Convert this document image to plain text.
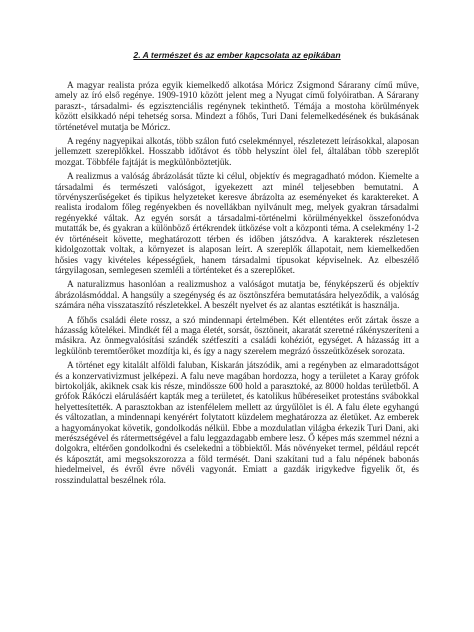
2. A természet és az ember kapcsolata az epikában

A magyar realista próza egyik kiemelkedő alkotása Móricz Zsigmond Sárarany című műve, amely az író első regénye. 1909-1910 között jelent meg a Nyugat című folyóiratban. A Sárarany paraszt-, társadalmi- és egzisztenciális regénynek tekinthető. Témája a mostoha körülmények között elsikkadó népi tehetség sorsa. Mindezt a főhős, Turi Dani felemelkedésének és bukásának történetével mutatja be Móricz.

A regény nagyepikai alkotás, több szálon futó cselekménnyel, részletezett leírásokkal, alaposan jellemzett szereplőkkel. Hosszabb időtávot és több helyszínt ölel fel, általában több szereplőt mozgat. Többféle fajtáját is megkülönböztetjük.

A realizmus a valóság ábrázolását tűzte ki célul, objektív és megragadható módon. Kiemelte a társadalmi és természeti valóságot, igyekezett azt minél teljesebben bemutatni. A törvényszerűségeket és tipikus helyzeteket keresve ábrázolta az eseményeket és karaktereket. A realista irodalom főleg regényekben és novellákban nyilvánult meg, melyek gyakran társadalmi regényekké váltak. Az egyén sorsát a társadalmi-történelmi körülményekkel összefonódva mutatták be, és gyakran a különböző értékrendek ütközése volt a központi téma. A cselekmény 1-2 év történéseit követte, meghatározott térben és időben játszódva. A karakterek részletesen kidolgozottak voltak, a környezet is alaposan leírt. A szereplők állapotait, nem kiemelkedően hősies vagy kivételes képességűek, hanem társadalmi típusokat képviselnek. Az elbeszélő tárgyilagosan, semlegesen szemléli a történteket és a szereplőket.

A naturalizmus hasonlóan a realizmushoz a valóságot mutatja be, fényképszerű és objektív ábrázolásmóddal. A hangsúly a szegénység és az ösztönszféra bemutatására helyeződik, a valóság számára néha visszataszító részletekkel. A beszélt nyelvet és az alantas esztétikát is használja.

A főhős családi élete rossz, a szó mindennapi értelmében. Két ellentétes erőt zártak össze a házasság kötelékei. Mindkét fél a maga életét, sorsát, ösztöneit, akaratát szeretné rákényszeríteni a másikra. Az önmegvalósítási szándék szétfeszíti a családi kohéziót, egységet. A házasság itt a legkülönb teremtőerőket mozdítja ki, és így a nagy szerelem megrázó összeütközések sorozata.

A történet egy kitalált alföldi faluban, Kiskarán játszódik, ami a regényben az elmaradottságot és a konzervativizmust jelképezi. A falu neve magában hordozza, hogy a területet a Karay grófok birtokolják, akiknek csak kis része, mindössze 600 hold a parasztoké, az 8000 holdas területből. A grófok Rákóczi elárulásáért kapták meg a területet, és katolikus hűbéreseiket protestáns svábokkal helyettesítették. A parasztokban az istenfélelem mellett az úrgyűlölet is él. A falu élete egyhangú és változatlan, a mindennapi kenyérért folytatott küzdelem meghatározza az életüket. Az emberek a hagyományokat követik, gondolkodás nélkül. Ebbe a mozdulatlan világba érkezik Turi Dani, aki merészségével és rátermettségével a falu leggazdagabb embere lesz. Ő képes más szemmel nézni a dolgokra, eltérően gondolkodni és cselekedni a többiektől. Más növényeket termel, például repcét és káposztát, ami megsokszorozza a föld termését. Dani szakítani tud a falu népének babonás hiedelmeivel, és évről évre nővéli vagyonát. Emiatt a gazdák irigykedve figyelik őt, és rosszindulattal beszélnek róla.
